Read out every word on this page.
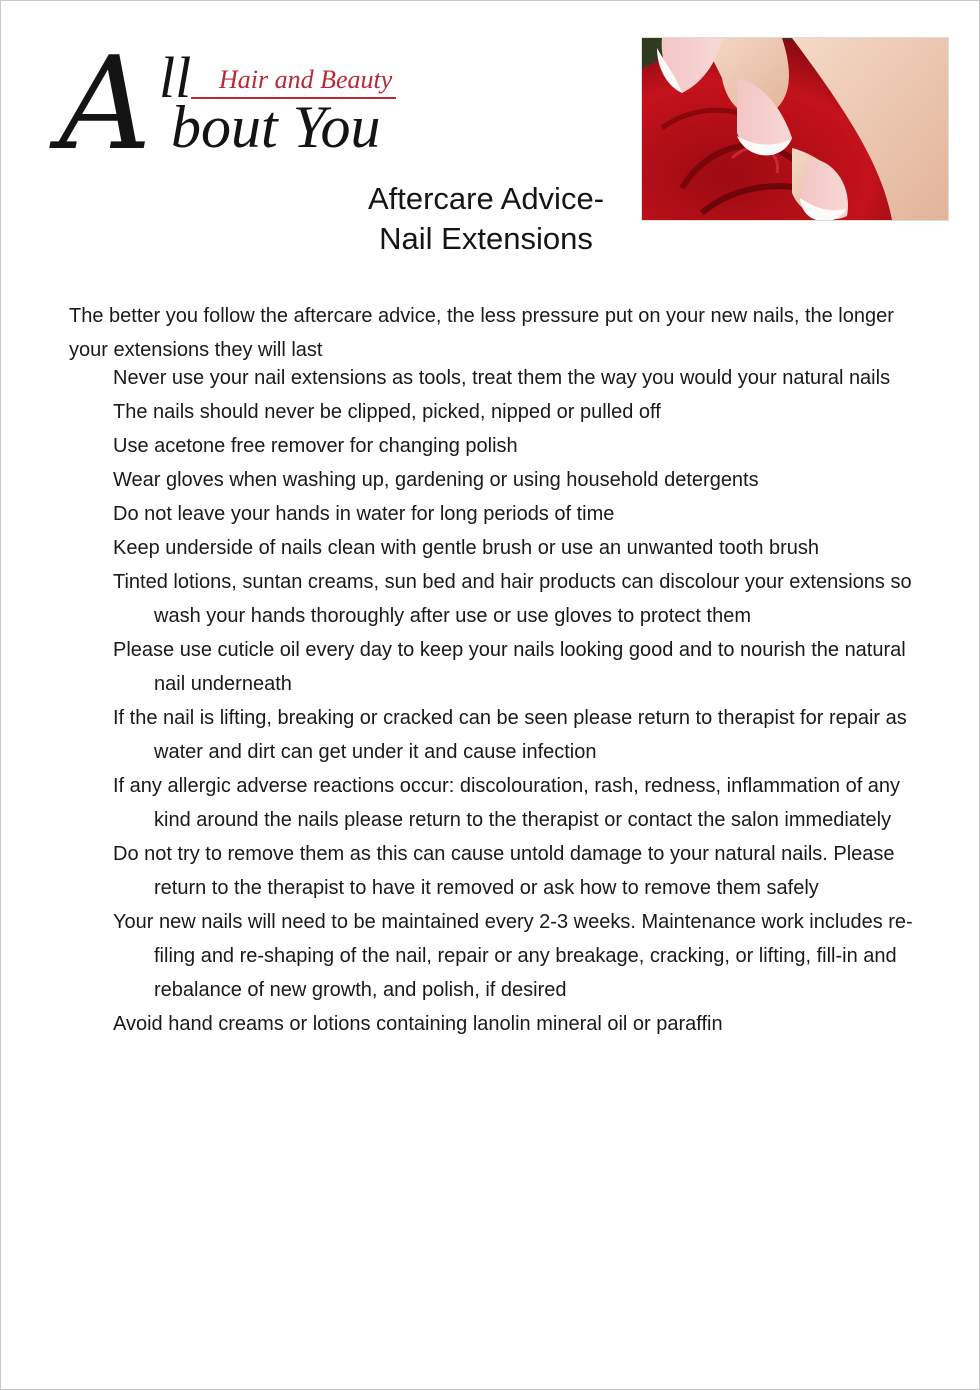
A ll Hair and Beauty
bout You
Aftercare Advice-
Nail Extensions

The better you follow the aftercare advice, the less pressure put on your new nails, the longer your extensions they will last

Never use your nail extensions as tools, treat them the way you would your natural nails
The nails should never be clipped, picked, nipped or pulled off
Use acetone free remover for changing polish
Wear gloves when washing up, gardening or using household detergents
Do not leave your hands in water for long periods of time
Keep underside of nails clean with gentle brush or use an unwanted tooth brush
Tinted lotions, suntan creams, sun bed and hair products can discolour your extensions so wash your hands thoroughly after use or use gloves to protect them
Please use cuticle oil every day to keep your nails looking good and to nourish the natural nail underneath
If the nail is lifting, breaking or cracked can be seen please return to therapist for repair as water and dirt can get under it and cause infection
If any allergic adverse reactions occur: discolouration, rash, redness, inflammation of any kind around the nails please return to the therapist or contact the salon immediately
Do not try to remove them as this can cause untold damage to your natural nails. Please return to the therapist to have it removed or ask how to remove them safely
Your new nails will need to be maintained every 2-3 weeks. Maintenance work includes re-filing and re-shaping of the nail, repair or any breakage, cracking, or lifting, fill-in and rebalance of new growth, and polish, if desired
Avoid hand creams or lotions containing lanolin mineral oil or paraffin
